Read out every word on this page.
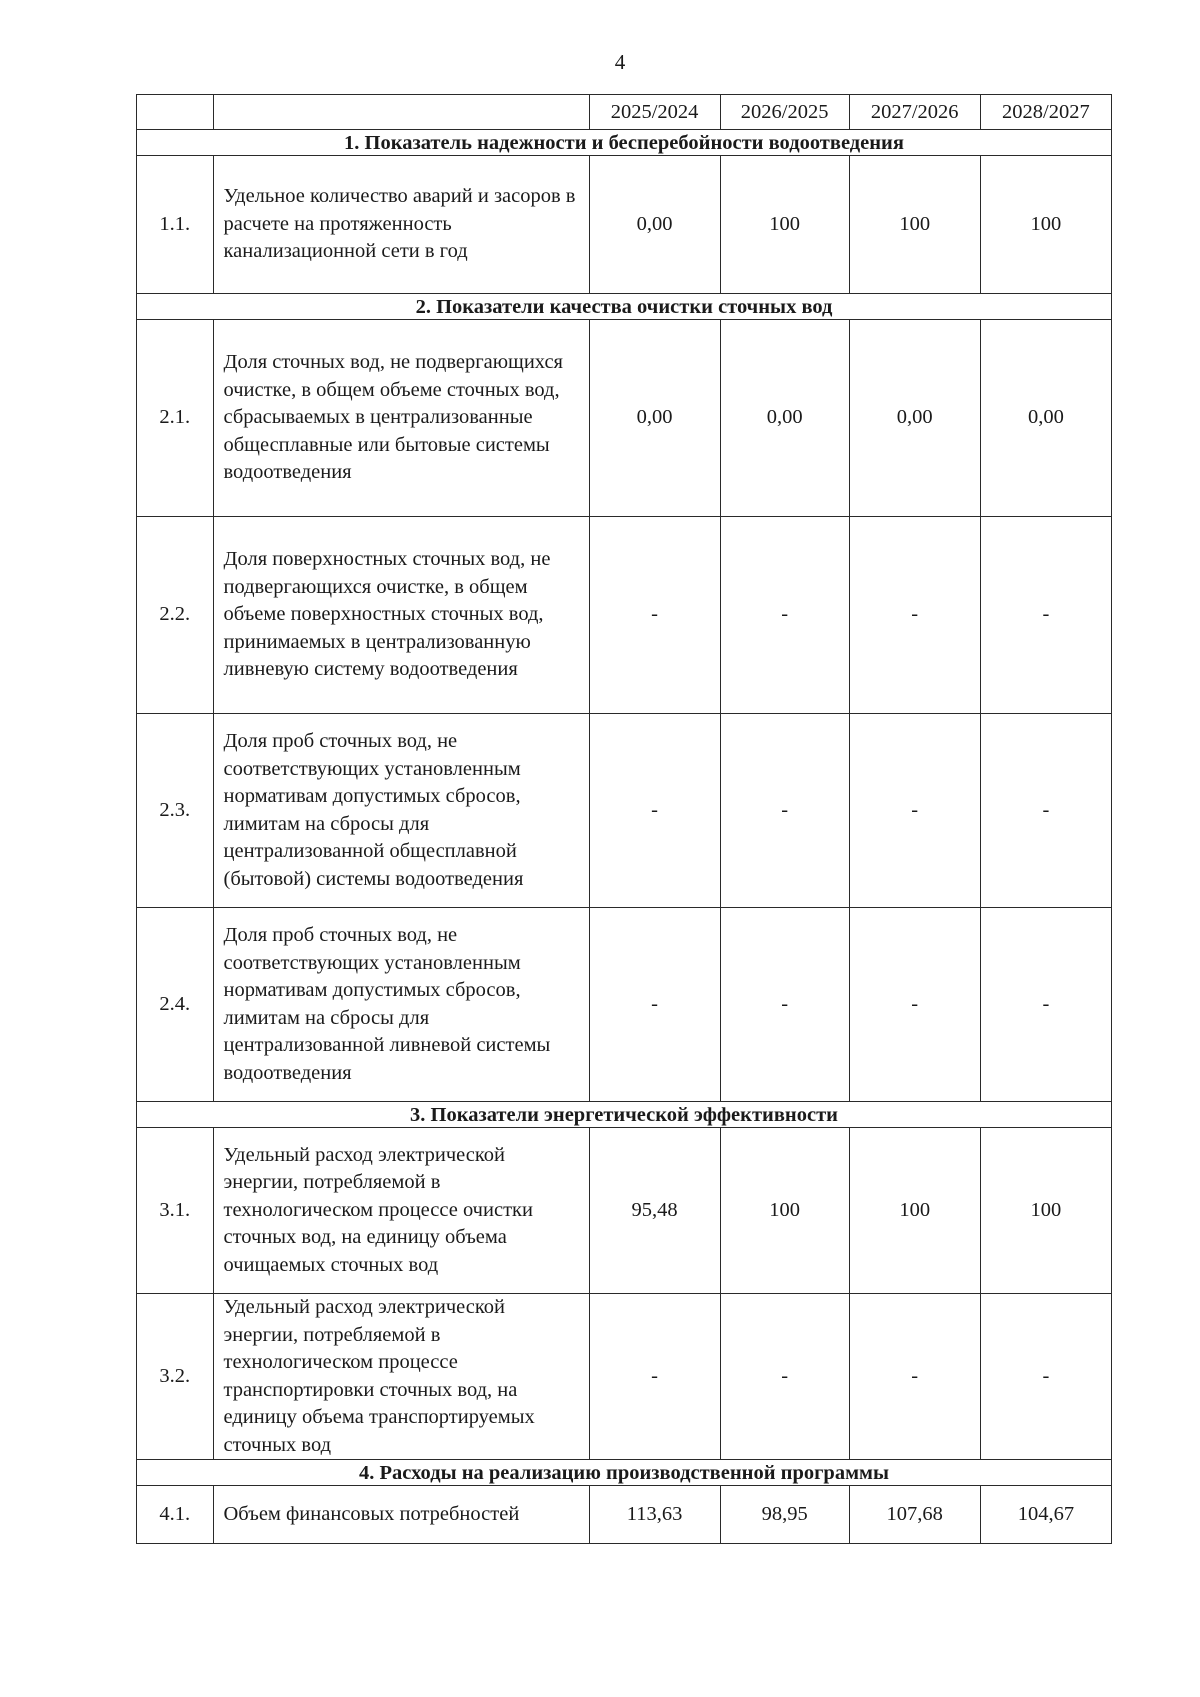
4
		2025/2024	2026/2025	2027/2026	2028/2027
1. Показатель надежности и бесперебойности водоотведения					
1.1.	Удельное количество аварий и засоров в расчете на протяженность канализационной сети в год	0,00	100	100	100
2. Показатели качества очистки сточных вод					
2.1.	Доля сточных вод, не подвергающихся очистке, в общем объеме сточных вод, сбрасываемых в централизованные общесплавные или бытовые системы водоотведения	0,00	0,00	0,00	0,00
2.2.	Доля поверхностных сточных вод, не подвергающихся очистке, в общем объеме поверхностных сточных вод, принимаемых в централизованную ливневую систему водоотведения	-	-	-	-
2.3.	Доля проб сточных вод, не соответствующих установленным нормативам допустимых сбросов, лимитам на сбросы для централизованной общесплавной (бытовой) системы водоотведения	-	-	-	-
2.4.	Доля проб сточных вод, не соответствующих установленным нормативам допустимых сбросов, лимитам на сбросы для централизованной ливневой системы водоотведения	-	-	-	-
3. Показатели энергетической эффективности					
3.1.	Удельный расход электрической энергии, потребляемой в технологическом процессе очистки сточных вод, на единицу объема очищаемых сточных вод	95,48	100	100	100
3.2.	Удельный расход электрической энергии, потребляемой в технологическом процессе транспортировки сточных вод, на единицу объема транспортируемых сточных вод	-	-	-	-
4. Расходы на реализацию производственной программы					
4.1.	Объем финансовых потребностей	113,63	98,95	107,68	104,67
